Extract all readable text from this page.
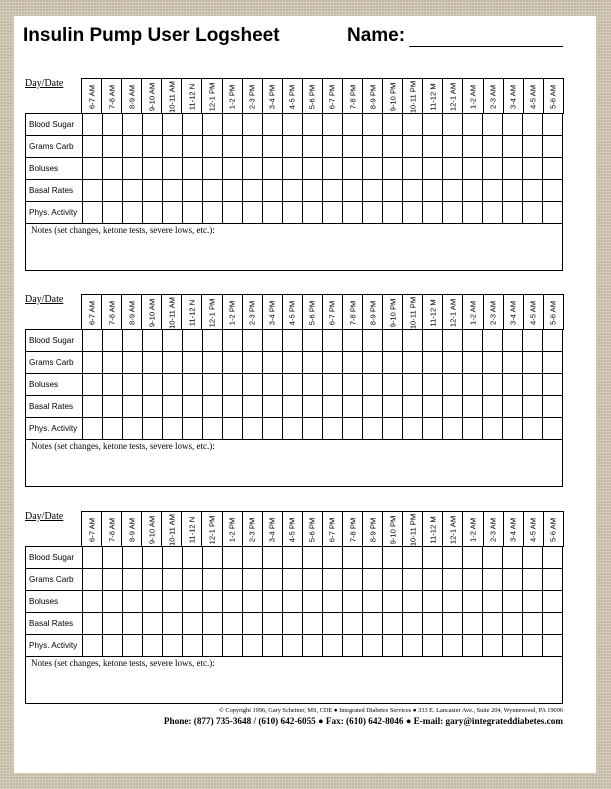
Insulin Pump User Logsheet	Name:
Day/Date
6-7 AM 7-8 AM 8-9 AM 9-10 AM 10-11 AM 11-12 N 12-1 PM 1-2 PM 2-3 PM 3-4 PM 4-5 PM 5-6 PM 6-7 PM 7-8 PM 8-9 PM 9-10 PM 10-11 PM 11-12 M 12-1 AM 1-2 AM 2-3 AM 3-4 AM 4-5 AM 5-6 AM
Blood Sugar																								
Grams Carb																								
Boluses																								
Basal Rates																								
Phys. Activity																								
Notes (set changes, ketone tests, severe lows, etc.):
Day/Date
6-7 AM 7-8 AM 8-9 AM 9-10 AM 10-11 AM 11-12 N 12-1 PM 1-2 PM 2-3 PM 3-4 PM 4-5 PM 5-6 PM 6-7 PM 7-8 PM 8-9 PM 9-10 PM 10-11 PM 11-12 M 12-1 AM 1-2 AM 2-3 AM 3-4 AM 4-5 AM 5-6 AM
Blood Sugar																								
Grams Carb																								
Boluses																								
Basal Rates																								
Phys. Activity																								
Notes (set changes, ketone tests, severe lows, etc.):
Day/Date
6-7 AM 7-8 AM 8-9 AM 9-10 AM 10-11 AM 11-12 N 12-1 PM 1-2 PM 2-3 PM 3-4 PM 4-5 PM 5-6 PM 6-7 PM 7-8 PM 8-9 PM 9-10 PM 10-11 PM 11-12 M 12-1 AM 1-2 AM 2-3 AM 3-4 AM 4-5 AM 5-6 AM
Blood Sugar																								
Grams Carb																								
Boluses																								
Basal Rates																								
Phys. Activity																								
Notes (set changes, ketone tests, severe lows, etc.):
© Copyright 1996, Gary Scheiner, MS, CDE ● Integrated Diabetes Services ● 333 E. Lancaster Ave., Suite 204, Wynnewood, PA 19096
Phone: (877) 735-3648 / (610) 642-6055 ● Fax: (610) 642-8046 ● E-mail: gary@integrateddiabetes.com
